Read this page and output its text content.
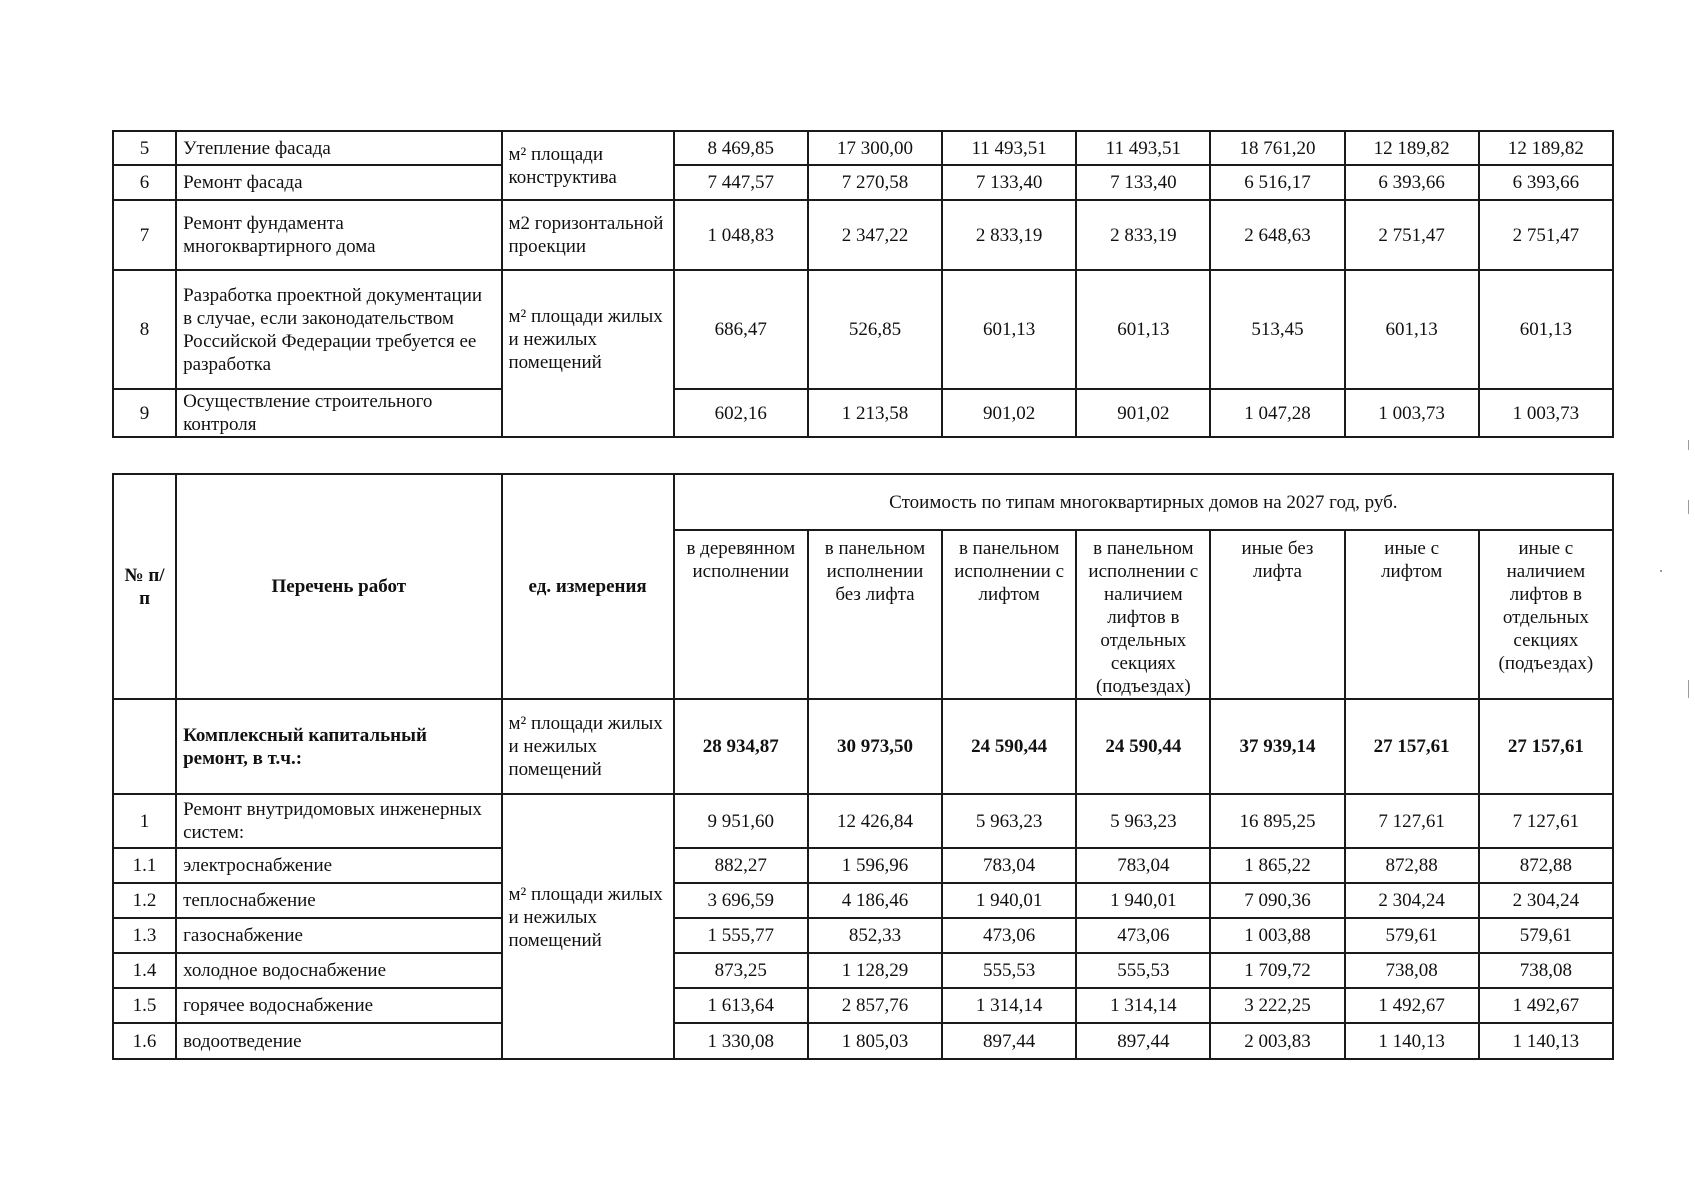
5	Утепление фасада	м² площади конструктива	8 469,85	17 300,00	11 493,51	11 493,51	18 761,20	12 189,82	12 189,82
6	Ремонт фасада		7 447,57	7 270,58	7 133,40	7 133,40	6 516,17	6 393,66	6 393,66
7	Ремонт фундамента многоквартирного дома	м2 горизонтальной проекции	1 048,83	2 347,22	2 833,19	2 833,19	2 648,63	2 751,47	2 751,47
8	Разработка проектной документации в случае, если законодательством Российской Федерации требуется ее разработка	м² площади жилых и нежилых помещений	686,47	526,85	601,13	601,13	513,45	601,13	601,13
9	Осуществление строительного контроля		602,16	1 213,58	901,02	901,02	1 047,28	1 003,73	1 003,73
№ п/п	Перечень работ	ед. измерения	Стоимость по типам многоквартирных домов на 2027 год, руб.						
			в деревянном исполнении	в панельном исполнении без лифта	в панельном исполнении с лифтом	в панельном исполнении с наличием лифтов в отдельных секциях (подъездах)	иные без лифта	иные с лифтом	иные с наличием лифтов в отдельных секциях (подъездах)
	Комплексный капитальный ремонт, в т.ч.:	м² площади жилых и нежилых помещений	28 934,87	30 973,50	24 590,44	24 590,44	37 939,14	27 157,61	27 157,61
1	Ремонт внутридомовых инженерных систем:	м² площади жилых и нежилых помещений	9 951,60	12 426,84	5 963,23	5 963,23	16 895,25	7 127,61	7 127,61
1.1	электроснабжение		882,27	1 596,96	783,04	783,04	1 865,22	872,88	872,88
1.2	теплоснабжение		3 696,59	4 186,46	1 940,01	1 940,01	7 090,36	2 304,24	2 304,24
1.3	газоснабжение		1 555,77	852,33	473,06	473,06	1 003,88	579,61	579,61
1.4	холодное водоснабжение		873,25	1 128,29	555,53	555,53	1 709,72	738,08	738,08
1.5	горячее водоснабжение		1 613,64	2 857,76	1 314,14	1 314,14	3 222,25	1 492,67	1 492,67
1.6	водоотведение		1 330,08	1 805,03	897,44	897,44	2 003,83	1 140,13	1 140,13
